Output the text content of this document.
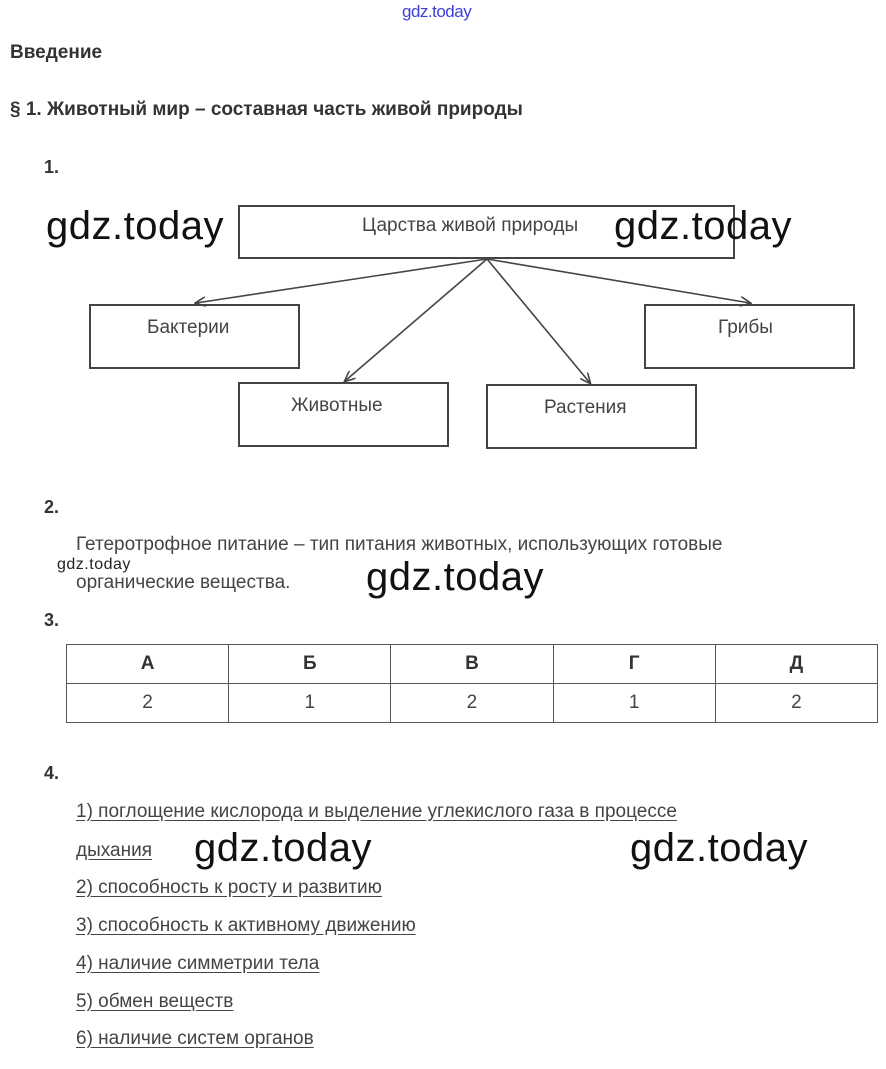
gdz.today
Введение
§ 1. Животный мир – составная часть живой природы
1.
Царства живой природы
Бактерии
Животные	Растения
Грибы
gdz.today	gdz.today
2.
Гетеротрофное питание – тип питания животных, использующих готовые
органические вещества.
gdz.today	gdz.today
3.
А	Б	В	Г	Д
2	1	2	1	2
4.
1) поглощение кислорода и выделение углекислого газа в процессе
дыхания
2) способность к росту и развитию
3) способность к активному движению
4) наличие симметрии тела
5) обмен веществ
6) наличие систем органов
gdz.today	gdz.today
